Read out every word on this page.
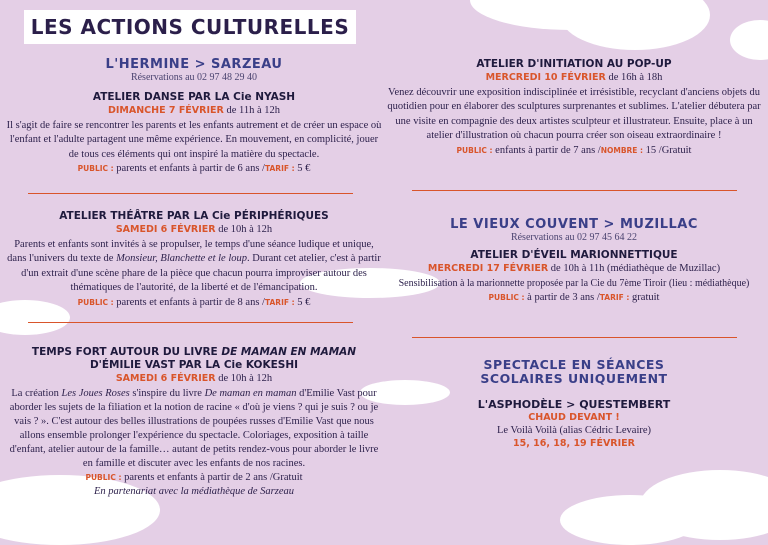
LES ACTIONS CULTURELLES
L'HERMINE > SARZEAU
Réservations au 02 97 48 29 40
ATELIER DANSE PAR LA Cie NYASH
DIMANCHE 7 FÉVRIER de 11h à 12h
Il s'agit de faire se rencontrer les parents et les enfants autrement et de créer un espace où l'enfant et l'adulte partagent une même expérience. En mouvement, en complicité, jouer de tous ces éléments qui ont inspiré la matière du spectacle.
PUBLIC : parents et enfants à partir de 6 ans /TARIF : 5 €
ATELIER THÉÂTRE PAR LA Cie PÉRIPHÉRIQUES
SAMEDI 6 FÉVRIER de 10h à 12h
Parents et enfants sont invités à se propulser, le temps d'une séance ludique et unique, dans l'univers du texte de Monsieur, Blanchette et le loup. Durant cet atelier, c'est à partir d'un extrait d'une scène phare de la pièce que chacun pourra improviser autour des thématiques de l'autorité, de la liberté et de l'émancipation.
PUBLIC : parents et enfants à partir de 8 ans /TARIF : 5 €
TEMPS FORT AUTOUR DU LIVRE DE MAMAN EN MAMAN
D'ÉMILIE VAST PAR LA Cie KOKESHI
SAMEDI 6 FÉVRIER de 10h à 12h
La création Les Joues Roses s'inspire du livre De maman en maman d'Emilie Vast pour aborder les sujets de la filiation et la notion de racine « d'où je viens ? qui je suis ? ou je vais ? ». C'est autour des belles illustrations de poupées russes d'Emilie Vast que nous allons ensemble prolonger l'expérience du spectacle. Coloriages, exposition à taille d'enfant, atelier autour de la famille… autant de petits rendez-vous pour aborder le livre en famille et discuter avec les enfants de nos racines.
PUBLIC : parents et enfants à partir de 2 ans /Gratuit
En partenariat avec la médiathèque de Sarzeau
ATELIER D'INITIATION AU POP-UP
MERCREDI 10 FÉVRIER de 16h à 18h
Venez découvrir une exposition indisciplinée et irrésistible, recyclant d'anciens objets du quotidien pour en élaborer des sculptures surprenantes et sublimes. L'atelier débutera par une visite en compagnie des deux artistes sculpteur et illustrateur. Ensuite, place à un atelier d'illustration où chacun pourra créer son oiseau extraordinaire !
PUBLIC : enfants à partir de 7 ans /NOMBRE : 15 /Gratuit
LE VIEUX COUVENT > MUZILLAC
Réservations au 02 97 45 64 22
ATELIER D'ÉVEIL MARIONNETTIQUE
MERCREDI 17 FÉVRIER de 10h à 11h (médiathèque de Muzillac)
Sensibilisation à la marionnette proposée par la Cie du 7ème Tiroir (lieu : médiathèque)
PUBLIC : à partir de 3 ans /TARIF : gratuit
SPECTACLE EN SÉANCES
SCOLAIRES UNIQUEMENT
L'ASPHODÈLE > QUESTEMBERT
CHAUD DEVANT !
Le Voilà Voilà (alias Cédric Levaire)
15, 16, 18, 19 FÉVRIER
